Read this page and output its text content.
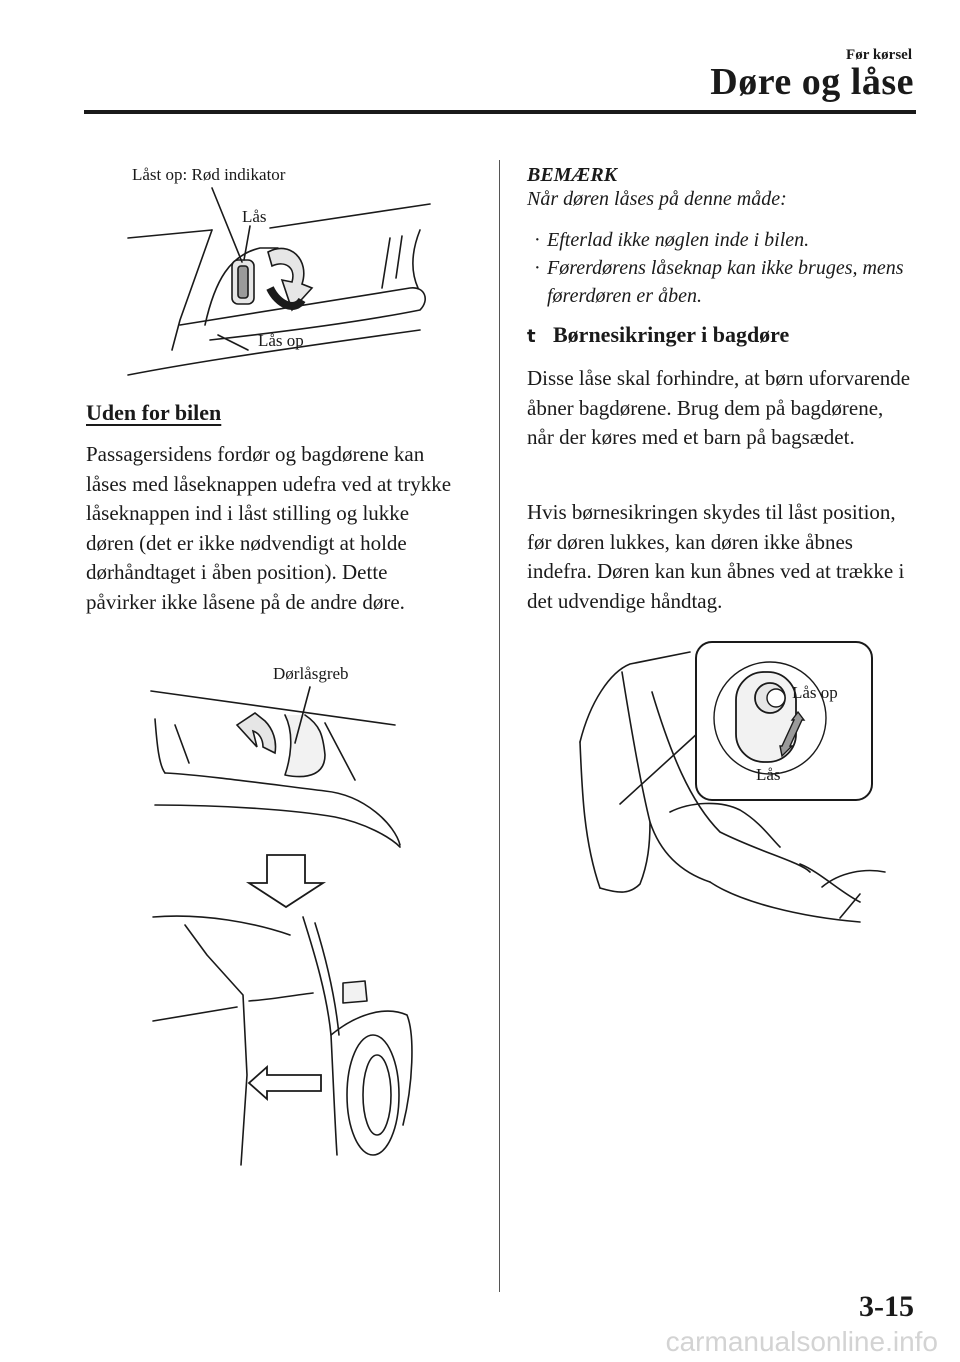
Før kørsel
Døre og låse
Låst op: Rød indikator
Lås
Lås op
Uden for bilen
Passagersidens fordør og bagdørene kan låses med låseknappen udefra ved at trykke låseknappen ind i låst stilling og lukke døren (det er ikke nødvendigt at holde dørhåndtaget i åben position). Dette påvirker ikke låsene på de andre døre.
Dørlåsgreb
BEMÆRK
Når døren låses på denne måde:
· Efterlad ikke nøglen inde i bilen.
· Førerdørens låseknap kan ikke bruges, mens førerdøren er åben.
t Børnesikringer i bagdøre
Disse låse skal forhindre, at børn uforvarende åbner bagdørene. Brug dem på bagdørene, når der køres med et barn på bagsædet.
Hvis børnesikringen skydes til låst position, før døren lukkes, kan døren ikke åbnes indefra. Døren kan kun åbnes ved at trække i det udvendige håndtag.
Lås op
Lås
3-15
carmanualsonline.info
